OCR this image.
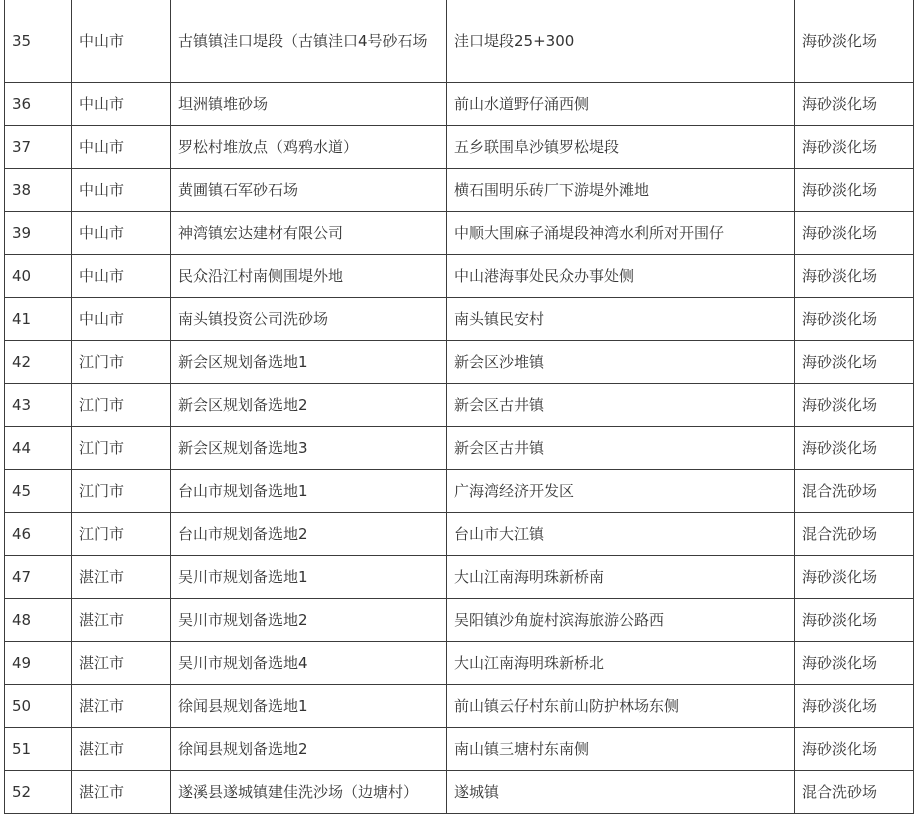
35	中山市	古镇镇洼口堤段（古镇洼口4号砂石场	洼口堤段25+300	海砂淡化场
36	中山市	坦洲镇堆砂场	前山水道野仔涌西侧	海砂淡化场
37	中山市	罗松村堆放点（鸡鸦水道）	五乡联围阜沙镇罗松堤段	海砂淡化场
38	中山市	黄圃镇石军砂石场	横石围明乐砖厂下游堤外滩地	海砂淡化场
39	中山市	神湾镇宏达建材有限公司	中顺大围麻子涌堤段神湾水利所对开围仔	海砂淡化场
40	中山市	民众沿江村南侧围堤外地	中山港海事处民众办事处侧	海砂淡化场
41	中山市	南头镇投资公司洗砂场	南头镇民安村	海砂淡化场
42	江门市	新会区规划备选地1	新会区沙堆镇	海砂淡化场
43	江门市	新会区规划备选地2	新会区古井镇	海砂淡化场
44	江门市	新会区规划备选地3	新会区古井镇	海砂淡化场
45	江门市	台山市规划备选地1	广海湾经济开发区	混合洗砂场
46	江门市	台山市规划备选地2	台山市大江镇	混合洗砂场
47	湛江市	吴川市规划备选地1	大山江南海明珠新桥南	海砂淡化场
48	湛江市	吴川市规划备选地2	吴阳镇沙角旋村滨海旅游公路西	海砂淡化场
49	湛江市	吴川市规划备选地4	大山江南海明珠新桥北	海砂淡化场
50	湛江市	徐闻县规划备选地1	前山镇云仔村东前山防护林场东侧	海砂淡化场
51	湛江市	徐闻县规划备选地2	南山镇三塘村东南侧	海砂淡化场
52	湛江市	遂溪县遂城镇建佳洗沙场（边塘村）	遂城镇	混合洗砂场
